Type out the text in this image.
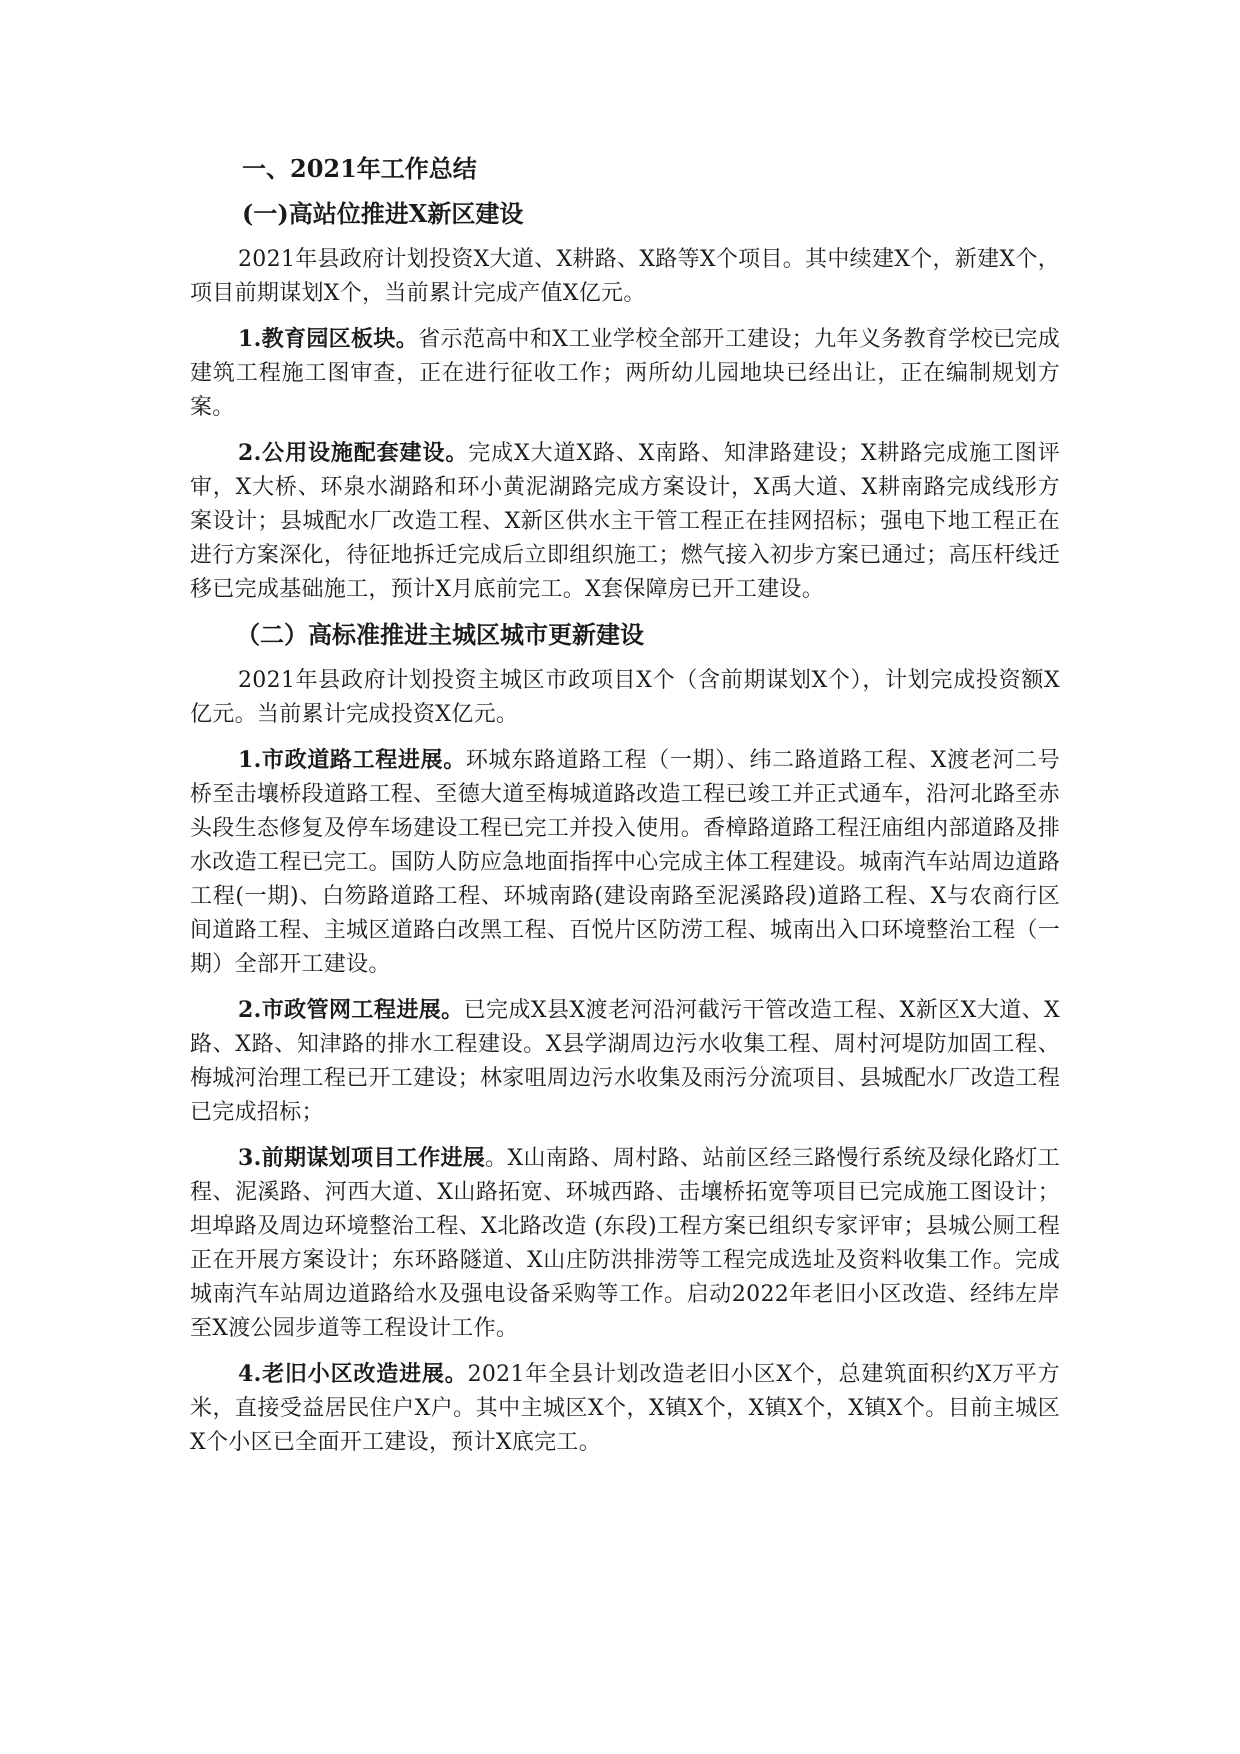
一、2021年工作总结
(一)高站位推进X新区建设

2021年县政府计划投资X大道、X耕路、X路等X个项目。其中续建X个，新建X个，项目前期谋划X个，当前累计完成产值X亿元。

1.教育园区板块。省示范高中和X工业学校全部开工建设；九年义务教育学校已完成建筑工程施工图审查，正在进行征收工作；两所幼儿园地块已经出让，正在编制规划方案。

2.公用设施配套建设。完成X大道X路、X南路、知津路建设；X耕路完成施工图评审，X大桥、环泉水湖路和环小黄泥湖路完成方案设计，X禹大道、X耕南路完成线形方案设计；县城配水厂改造工程、X新区供水主干管工程正在挂网招标；强电下地工程正在进行方案深化，待征地拆迁完成后立即组织施工；燃气接入初步方案已通过；高压杆线迁移已完成基础施工，预计X月底前完工。X套保障房已开工建设。

（二）高标准推进主城区城市更新建设

2021年县政府计划投资主城区市政项目X个（含前期谋划X个），计划完成投资额X亿元。当前累计完成投资X亿元。

1.市政道路工程进展。环城东路道路工程（一期）、纬二路道路工程、X渡老河二号桥至击壤桥段道路工程、至德大道至梅城道路改造工程已竣工并正式通车，沿河北路至赤头段生态修复及停车场建设工程已完工并投入使用。香樟路道路工程汪庙组内部道路及排水改造工程已完工。国防人防应急地面指挥中心完成主体工程建设。城南汽车站周边道路工程(一期)、白笏路道路工程、环城南路(建设南路至泥溪路段)道路工程、X与农商行区间道路工程、主城区道路白改黑工程、百悦片区防涝工程、城南出入口环境整治工程（一期）全部开工建设。

2.市政管网工程进展。已完成X县X渡老河沿河截污干管改造工程、X新区X大道、X路、X路、知津路的排水工程建设。X县学湖周边污水收集工程、周村河堤防加固工程、梅城河治理工程已开工建设；林家咀周边污水收集及雨污分流项目、县城配水厂改造工程已完成招标；

3.前期谋划项目工作进展。X山南路、周村路、站前区经三路慢行系统及绿化路灯工程、泥溪路、河西大道、X山路拓宽、环城西路、击壤桥拓宽等项目已完成施工图设计；坦埠路及周边环境整治工程、X北路改造 (东段)工程方案已组织专家评审；县城公厕工程正在开展方案设计；东环路隧道、X山庄防洪排涝等工程完成选址及资料收集工作。完成城南汽车站周边道路给水及强电设备采购等工作。启动2022年老旧小区改造、经纬左岸至X渡公园步道等工程设计工作。

4.老旧小区改造进展。2021年全县计划改造老旧小区X个，总建筑面积约X万平方米，直接受益居民住户X户。其中主城区X个，X镇X个，X镇X个，X镇X个。目前主城区X个小区已全面开工建设，预计X底完工。
